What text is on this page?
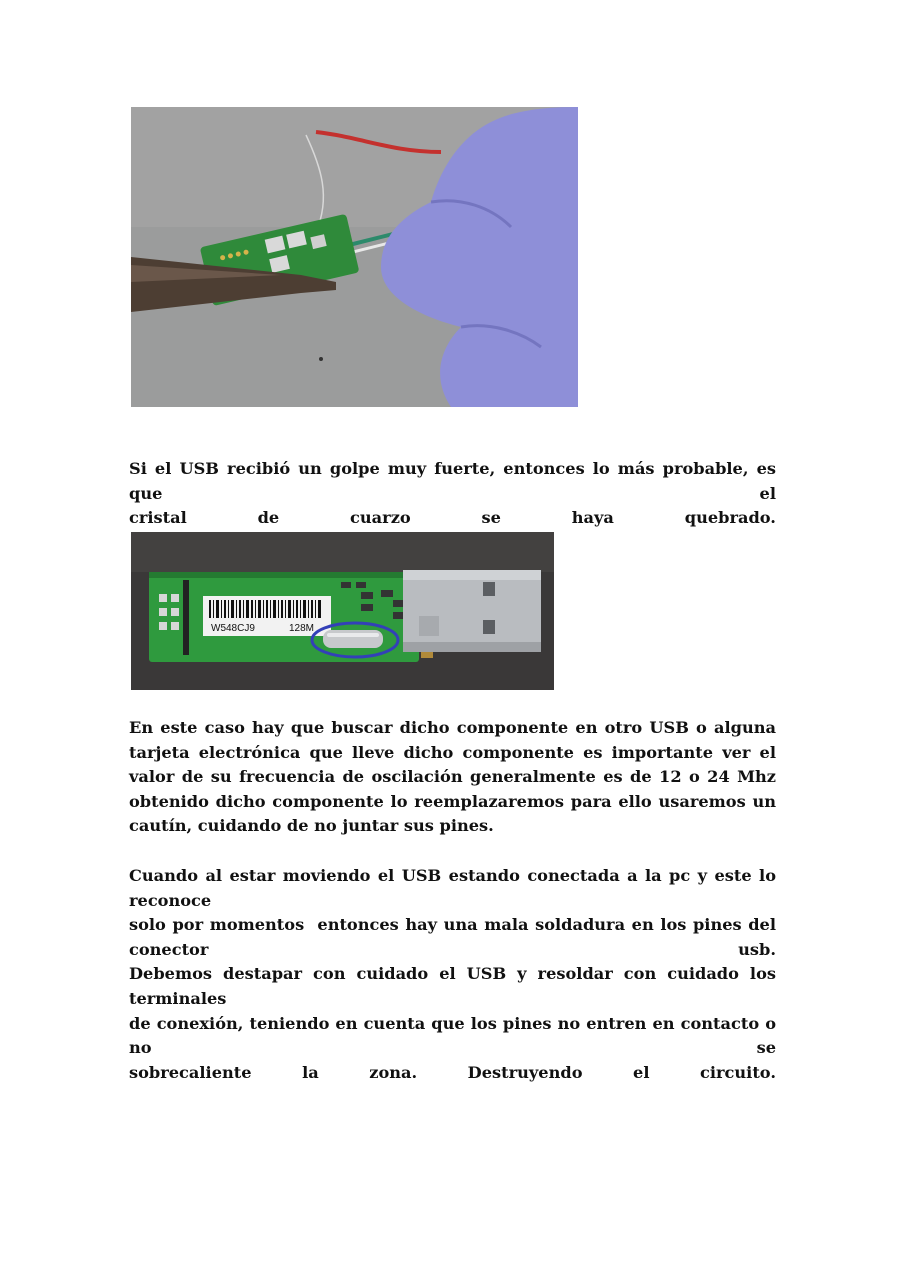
Si el USB recibió un golpe muy fuerte, entonces lo más probable, es que el
cristal	de	cuarzo	se	haya	quebrado.
W548CJ9	128M

En este caso hay que buscar dicho componente en otro USB o alguna tarjeta electrónica que lleve dicho componente es importante ver el valor de su frecuencia de oscilación generalmente es de 12 o 24 Mhz obtenido dicho componente lo reemplazaremos para ello usaremos un cautín, cuidando de no juntar sus pines.

Cuando al estar moviendo el USB estando conectada a la pc y este lo reconoce
solo por momentos  entonces hay una mala soldadura en los pines del
conector	usb.
Debemos destapar con cuidado el USB y resoldar con cuidado los terminales
de conexión, teniendo en cuenta que los pines no entren en contacto o no se
sobrecaliente	la	zona.	Destruyendo	el	circuito.
